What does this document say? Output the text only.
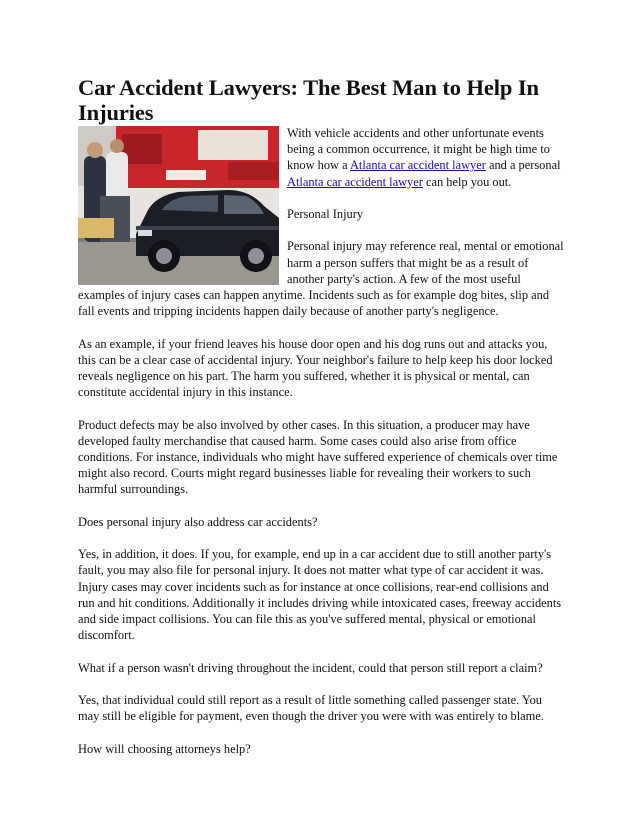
Car Accident Lawyers: The Best Man to Help In Injuries

With vehicle accidents and other unfortunate events being a common occurrence, it might be high time to know how a Atlanta car accident lawyer and a personal Atlanta car accident lawyer can help you out.

Personal Injury

Personal injury may reference real, mental or emotional harm a person suffers that might be as a result of another party's action. A few of the most useful examples of injury cases can happen anytime. Incidents such as for example dog bites, slip and fall events and tripping incidents happen daily because of another party's negligence.

As an example, if your friend leaves his house door open and his dog runs out and attacks you, this can be a clear case of accidental injury. Your neighbor's failure to help keep his door locked reveals negligence on his part. The harm you suffered, whether it is physical or mental, can constitute accidental injury in this instance.

Product defects may be also involved by other cases. In this situation, a producer may have developed faulty merchandise that caused harm. Some cases could also arise from office conditions. For instance, individuals who might have suffered experience of chemicals over time might also record. Courts might regard businesses liable for revealing their workers to such harmful surroundings.

Does personal injury also address car accidents?

Yes, in addition, it does. If you, for example, end up in a car accident due to still another party's fault, you may also file for personal injury. It does not matter what type of car accident it was. Injury cases may cover incidents such as for instance at once collisions, rear-end collisions and run and hit conditions. Additionally it includes driving while intoxicated cases, freeway accidents and side impact collisions. You can file this as you've suffered mental, physical or emotional discomfort.

What if a person wasn't driving throughout the incident, could that person still report a claim?

Yes, that individual could still report as a result of little something called passenger state. You may still be eligible for payment, even though the driver you were with was entirely to blame.

How will choosing attorneys help?
